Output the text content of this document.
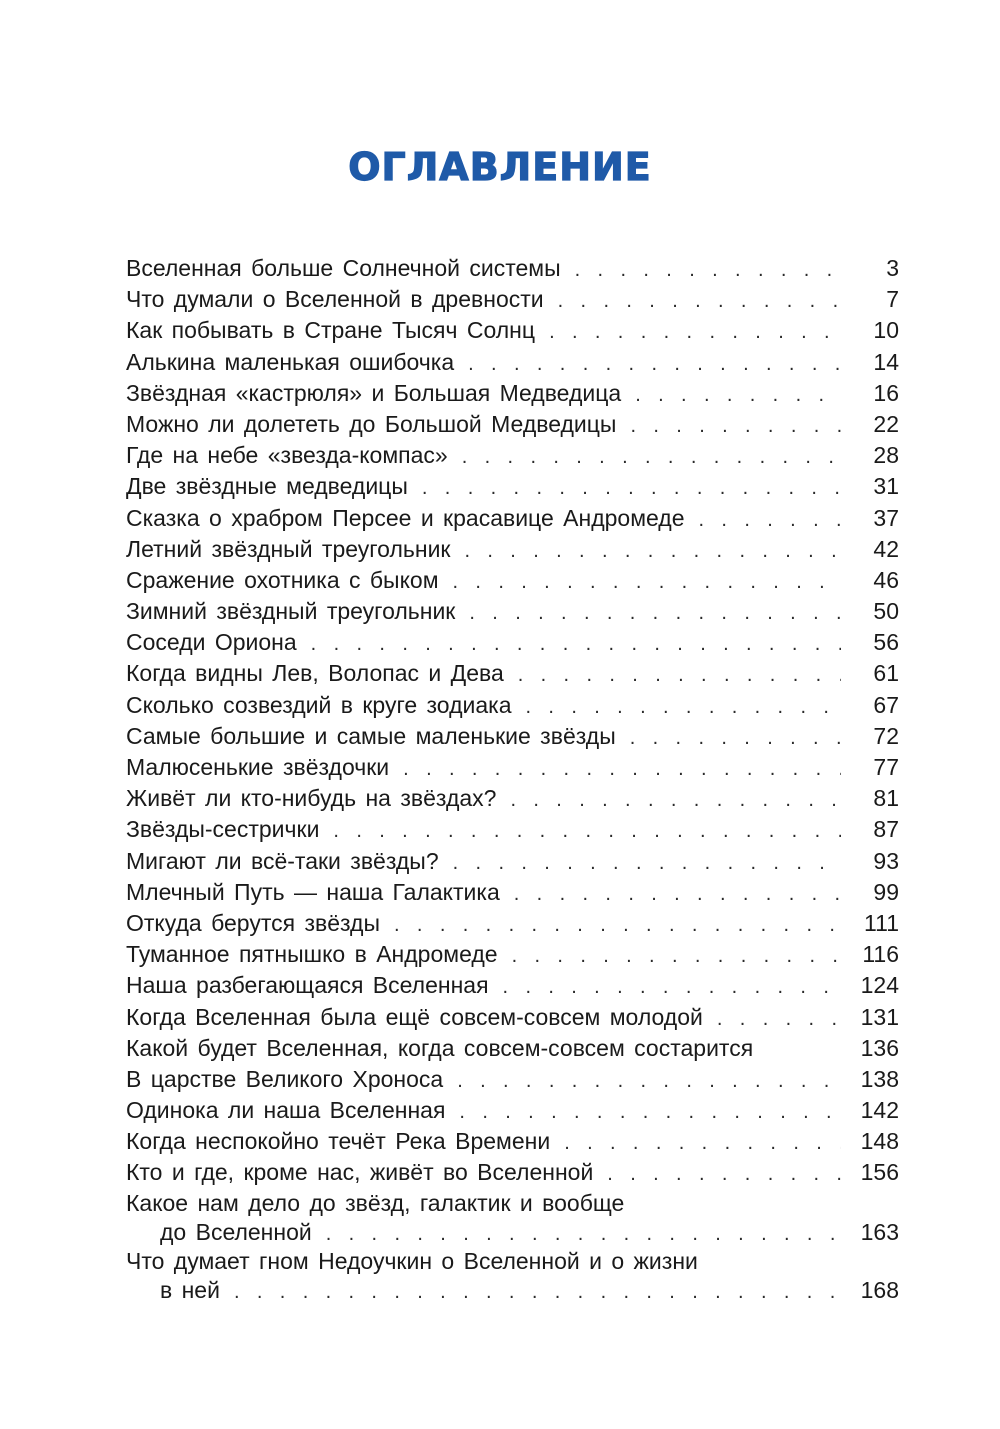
ОГЛАВЛЕНИЕ
Вселенная больше Солнечной системы . . .	3
Что думали о Вселенной в древности . . .	7
Как побывать в Стране Тысяч Солнц . . .	10
Алькина маленькая ошибочка . . .	14
Звёздная «кастрюля» и Большая Медведица . . .	16
Можно ли долететь до Большой Медведицы . . .	22
Где на небе «звезда-компас» . . .	28
Две звёздные медведицы . . .	31
Сказка о храбром Персее и красавице Андромеде . . .	37
Летний звёздный треугольник . . .	42
Сражение охотника с быком . . .	46
Зимний звёздный треугольник . . .	50
Соседи Ориона . . .	56
Когда видны Лев, Волопас и Дева . . .	61
Сколько созвездий в круге зодиака . . .	67
Самые большие и самые маленькие звёзды . . .	72
Малюсенькие звёздочки . . .	77
Живёт ли кто-нибудь на звёздах? . . .	81
Звёзды-сестрички . . .	87
Мигают ли всё-таки звёзды? . . .	93
Млечный Путь — наша Галактика . . .	99
Откуда берутся звёзды . . .	111
Туманное пятнышко в Андромеде . . .	116
Наша разбегающаяся Вселенная . . .	124
Когда Вселенная была ещё совсем-совсем молодой . . .	131
Какой будет Вселенная, когда совсем-совсем состарится	136
В царстве Великого Хроноса . . .	138
Одинока ли наша Вселенная . . .	142
Когда неспокойно течёт Река Времени . . .	148
Кто и где, кроме нас, живёт во Вселенной . . .	156
Какое нам дело до звёзд, галактик и вообще
до Вселенной . . .	163
Что думает гном Недоучкин о Вселенной и о жизни
в ней . . .	168
